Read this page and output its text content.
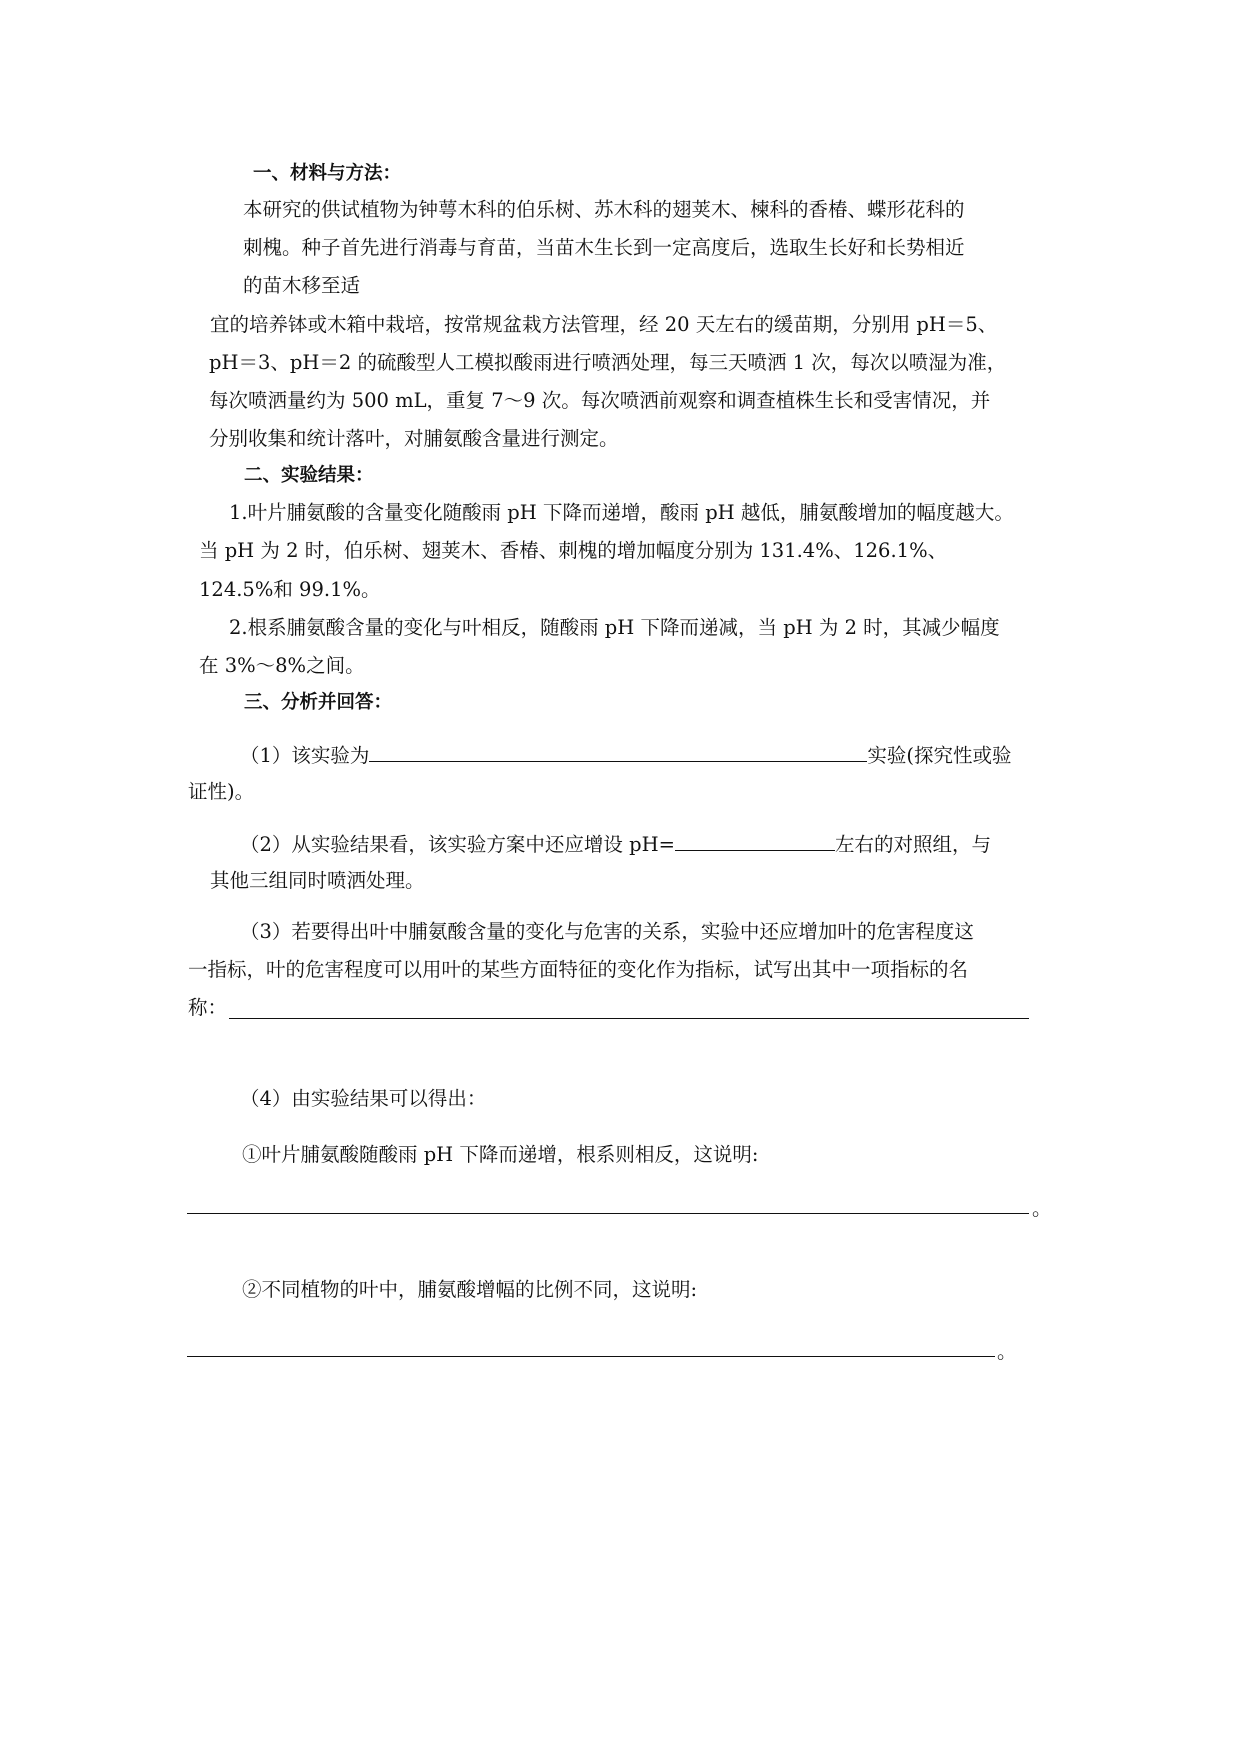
一、材料与方法：
本研究的供试植物为钟萼木科的伯乐树、苏木科的翅荚木、楝科的香椿、蝶形花科的
刺槐。种子首先进行消毒与育苗，当苗木生长到一定高度后，选取生长好和长势相近
的苗木移至适
宜的培养钵或木箱中栽培，按常规盆栽方法管理，经 20 天左右的缓苗期，分别用 pH＝5、
pH＝3、pH＝2 的硫酸型人工模拟酸雨进行喷洒处理，每三天喷洒 1 次，每次以喷湿为准，
每次喷洒量约为 500 mL，重复 7～9 次。每次喷洒前观察和调查植株生长和受害情况，并
分别收集和统计落叶，对脯氨酸含量进行测定。
二、实验结果：
1.叶片脯氨酸的含量变化随酸雨 pH 下降而递增，酸雨 pH 越低，脯氨酸增加的幅度越大。
当 pH 为 2 时，伯乐树、翅荚木、香椿、刺槐的增加幅度分别为 131.4%、126.1%、
124.5%和 99.1%。
2.根系脯氨酸含量的变化与叶相反，随酸雨 pH 下降而递减，当 pH 为 2 时，其减少幅度
在 3%～8%之间。
三、分析并回答：
（1）该实验为	实验(探究性或验
证性)。
（2）从实验结果看，该实验方案中还应增设 pH=	左右的对照组，与
其他三组同时喷洒处理。
（3）若要得出叶中脯氨酸含量的变化与危害的关系，实验中还应增加叶的危害程度这
一指标，叶的危害程度可以用叶的某些方面特征的变化作为指标，试写出其中一项指标的名
称：
（4）由实验结果可以得出：
①叶片脯氨酸随酸雨 pH 下降而递增，根系则相反，这说明:
。
②不同植物的叶中，脯氨酸增幅的比例不同，这说明:
。
